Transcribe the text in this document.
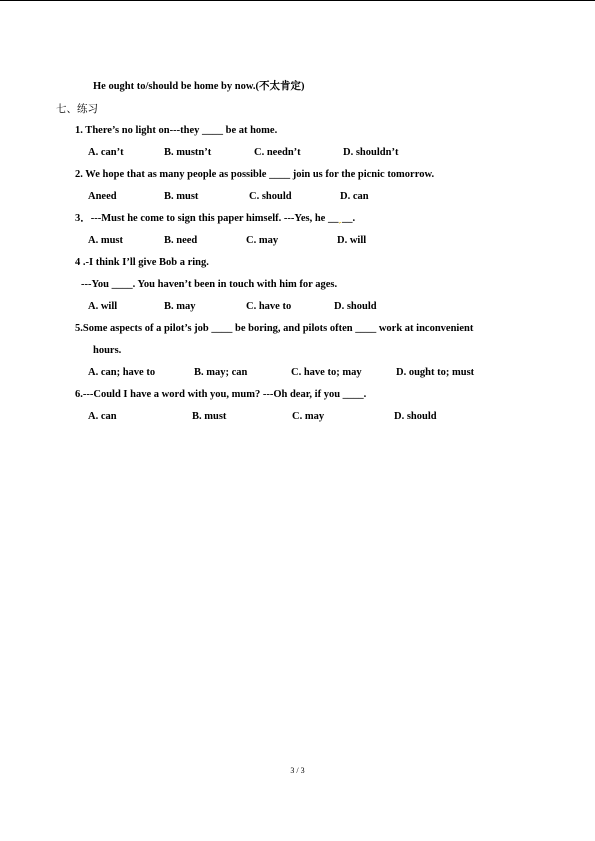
He ought to/should be home by now.(不太肯定)
七、练习
1. There’s no light on---they ____ be at home.
A. can’t	B. mustn’t	C. needn’t	D. shouldn’t
2. We hope that as many people as possible ____ join us for the picnic tomorrow.
Aneed	B. must	C. should	D. can
3．---Must he come to sign this paper himself. ---Yes, he __ˏ__.
A. must	B. need	C. may	D. will
4 .-I think I’ll give Bob a ring.
---You ____. You haven’t been in touch with him for ages.
A. will	B. may	C. have to	D. should
5.Some aspects of a pilot’s job ____ be boring, and pilots often ____ work at inconvenient
hours.
A. can; have to	B. may; can	C. have to; may	D. ought to; must
6.---Could I have a word with you, mum? ---Oh dear, if you ____.
A. can	B. must	C. may	D. should
3 / 3
